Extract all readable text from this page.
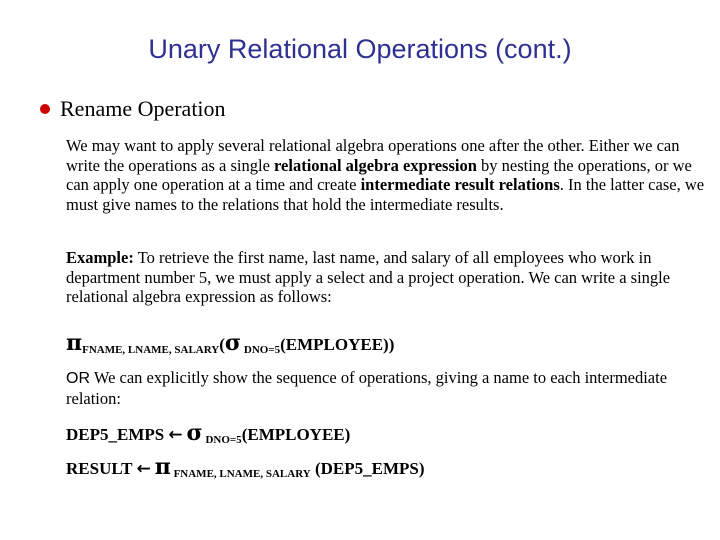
Unary Relational Operations (cont.)
Rename Operation
We may want to apply several relational algebra operations one after the other. Either we can write the operations as a single relational algebra expression by nesting the operations, or we can apply one operation at a time and create intermediate result relations. In the latter case, we must give names to the relations that hold the intermediate results.
Example: To retrieve the first name, last name, and salary of all employees who work in department number 5, we must apply a select and a project operation. We can write a single relational algebra expression as follows:
πFNAME, LNAME, SALARY(σ DNO=5(EMPLOYEE))
OR We can explicitly show the sequence of operations, giving a name to each intermediate relation:
DEP5_EMPS ← σ DNO=5(EMPLOYEE)
RESULT ← π FNAME, LNAME, SALARY (DEP5_EMPS)
